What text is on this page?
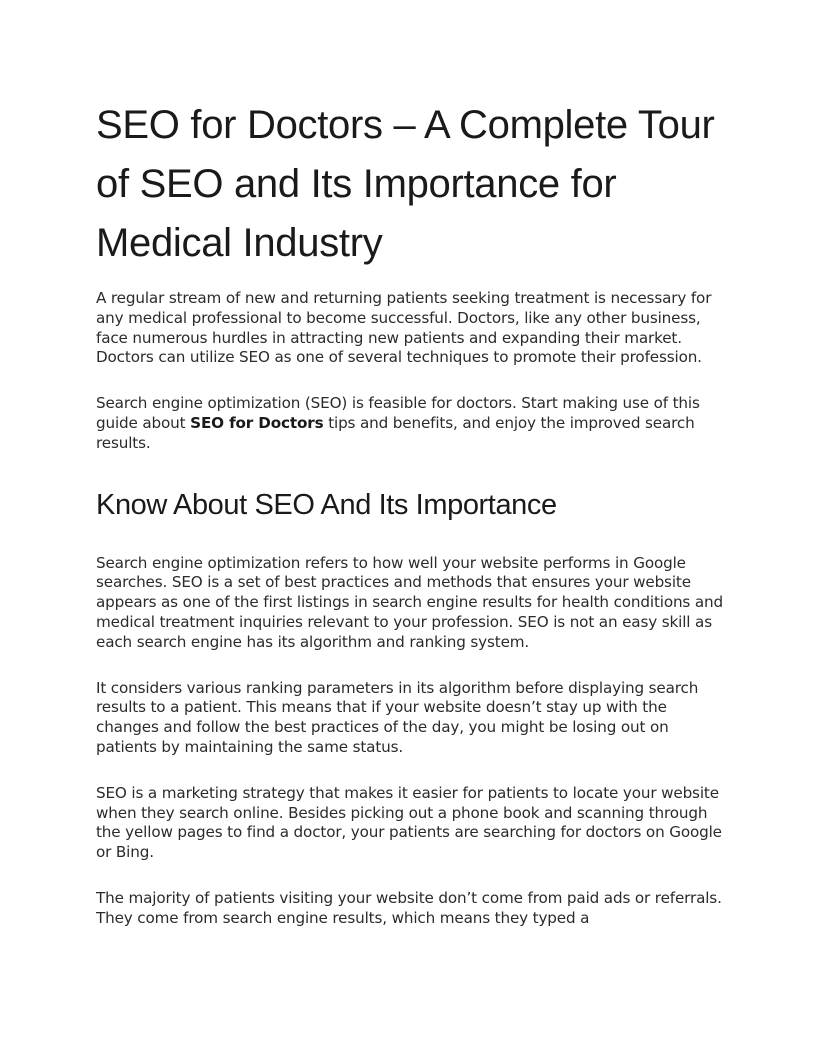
SEO for Doctors – A Complete Tour of SEO and Its Importance for Medical Industry

A regular stream of new and returning patients seeking treatment is necessary for any medical professional to become successful. Doctors, like any other business, face numerous hurdles in attracting new patients and expanding their market. Doctors can utilize SEO as one of several techniques to promote their profession.

Search engine optimization (SEO) is feasible for doctors. Start making use of this guide about SEO for Doctors tips and benefits, and enjoy the improved search results.

Know About SEO And Its Importance

Search engine optimization refers to how well your website performs in Google searches. SEO is a set of best practices and methods that ensures your website appears as one of the first listings in search engine results for health conditions and medical treatment inquiries relevant to your profession. SEO is not an easy skill as each search engine has its algorithm and ranking system.

It considers various ranking parameters in its algorithm before displaying search results to a patient. This means that if your website doesn’t stay up with the changes and follow the best practices of the day, you might be losing out on patients by maintaining the same status.

SEO is a marketing strategy that makes it easier for patients to locate your website when they search online. Besides picking out a phone book and scanning through the yellow pages to find a doctor, your patients are searching for doctors on Google or Bing.

The majority of patients visiting your website don’t come from paid ads or referrals. They come from search engine results, which means they typed a
